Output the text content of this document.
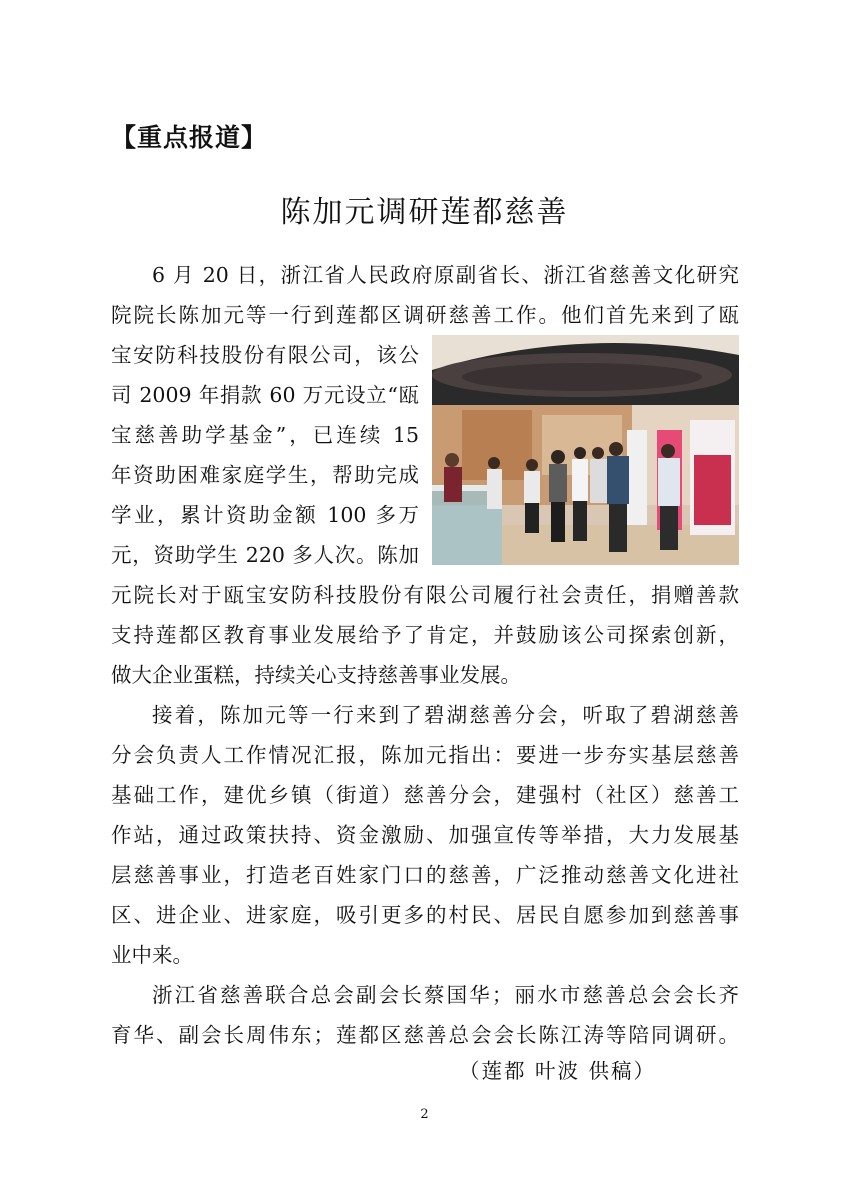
【重点报道】
陈加元调研莲都慈善
6 月 20 日，浙江省人民政府原副省长、浙江省慈善文化研究
院院长陈加元等一行到莲都区调研慈善工作。他们首先来到了瓯
宝安防科技股份有限公司，该公
司 2009 年捐款 60 万元设立“瓯
宝慈善助学基金”，已连续 15
年资助困难家庭学生，帮助完成
学业，累计资助金额 100 多万
元，资助学生 220 多人次。陈加
元院长对于瓯宝安防科技股份有限公司履行社会责任，捐赠善款
支持莲都区教育事业发展给予了肯定，并鼓励该公司探索创新，
做大企业蛋糕，持续关心支持慈善事业发展。
接着，陈加元等一行来到了碧湖慈善分会，听取了碧湖慈善
分会负责人工作情况汇报，陈加元指出：要进一步夯实基层慈善
基础工作，建优乡镇（街道）慈善分会，建强村（社区）慈善工
作站，通过政策扶持、资金激励、加强宣传等举措，大力发展基
层慈善事业，打造老百姓家门口的慈善，广泛推动慈善文化进社
区、进企业、进家庭，吸引更多的村民、居民自愿参加到慈善事
业中来。
浙江省慈善联合总会副会长蔡国华；丽水市慈善总会会长齐
育华、副会长周伟东；莲都区慈善总会会长陈江涛等陪同调研。
（莲都 叶波 供稿）
2
